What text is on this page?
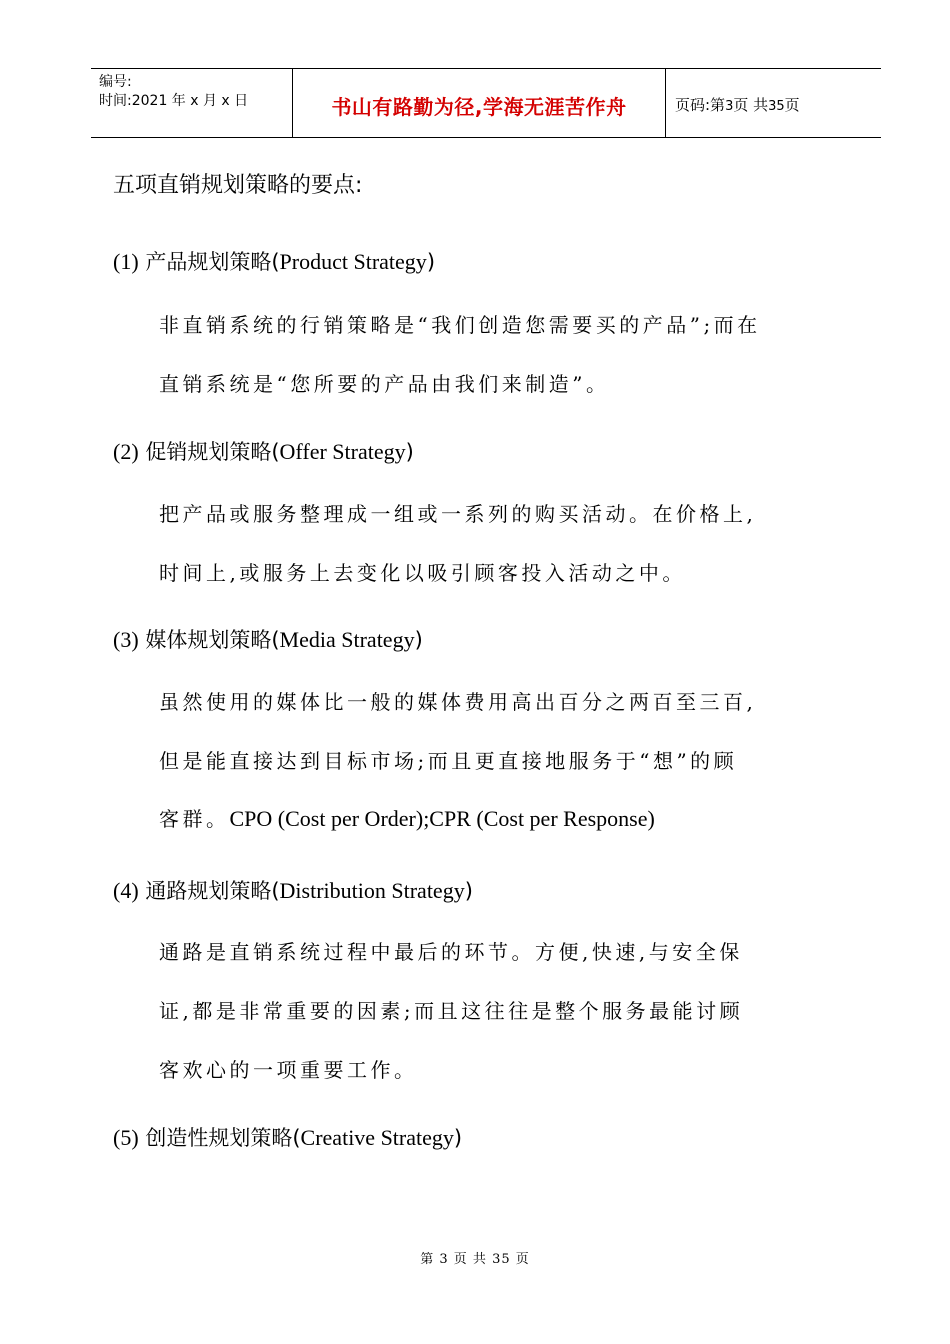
编号:
时间:2021 年 x 月 x 日	书山有路勤为径,学海无涯苦作舟	页码:第3页 共35页
五项直销规划策略的要点:
(1) 产品规划策略(Product Strategy)
非直销系统的行销策略是“我们创造您需要买的产品”;而在
直销系统是“您所要的产品由我们来制造”。
(2) 促销规划策略(Offer Strategy)
把产品或服务整理成一组或一系列的购买活动。在价格上,
时间上,或服务上去变化以吸引顾客投入活动之中。
(3) 媒体规划策略(Media Strategy)
虽然使用的媒体比一般的媒体费用高出百分之两百至三百,
但是能直接达到目标市场;而且更直接地服务于“想”的顾
客群。CPO (Cost per Order);CPR (Cost per Response)
(4) 通路规划策略(Distribution Strategy)
通路是直销系统过程中最后的环节。方便,快速,与安全保
证,都是非常重要的因素;而且这往往是整个服务最能讨顾
客欢心的一项重要工作。
(5) 创造性规划策略(Creative Strategy)
第 3 页 共 35 页
